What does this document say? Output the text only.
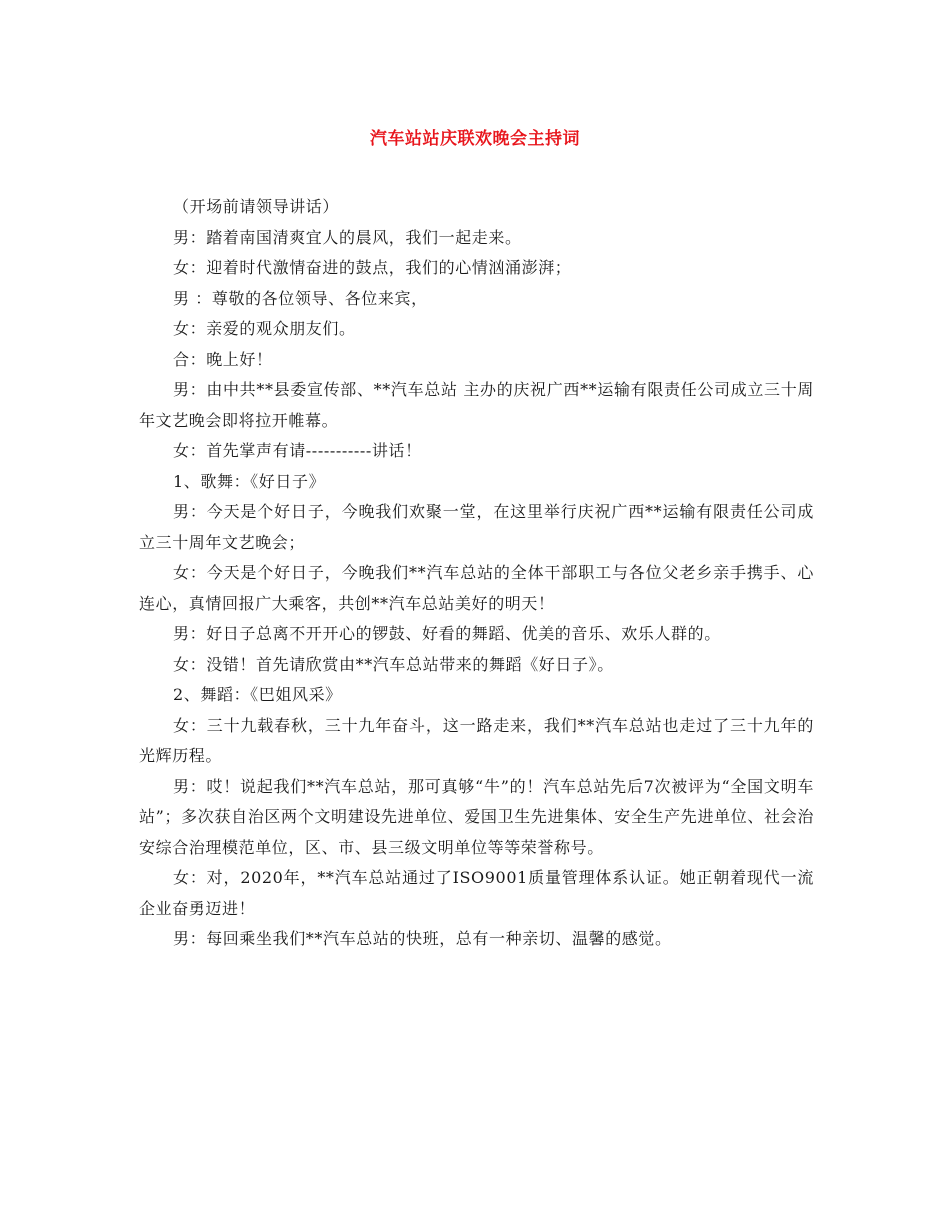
汽车站站庆联欢晚会主持词

（开场前请领导讲话）

男：踏着南国清爽宜人的晨风，我们一起走来。

女：迎着时代激情奋进的鼓点，我们的心情汹涌澎湃；

男 ：尊敬的各位领导、各位来宾，

女：亲爱的观众朋友们。

合：晚上好！

男：由中共**县委宣传部、**汽车总站 主办的庆祝广西**运输有限责任公司成立三十周年文艺晚会即将拉开帷幕。

女：首先掌声有请-----------讲话！

1、歌舞：《好日子》

男：今天是个好日子，今晚我们欢聚一堂，在这里举行庆祝广西**运输有限责任公司成立三十周年文艺晚会；

女：今天是个好日子，今晚我们**汽车总站的全体干部职工与各位父老乡亲手携手、心连心，真情回报广大乘客，共创**汽车总站美好的明天！

男：好日子总离不开开心的锣鼓、好看的舞蹈、优美的音乐、欢乐人群的。

女：没错！首先请欣赏由**汽车总站带来的舞蹈《好日子》。

2、舞蹈：《巴姐风采》

女：三十九载春秋，三十九年奋斗，这一路走来，我们**汽车总站也走过了三十九年的光辉历程。

男：哎！说起我们**汽车总站，那可真够“牛”的！汽车总站先后7次被评为“全国文明车站”；多次获自治区两个文明建设先进单位、爱国卫生先进集体、安全生产先进单位、社会治安综合治理模范单位，区、市、县三级文明单位等等荣誉称号。

女：对，2020年，**汽车总站通过了ISO9001质量管理体系认证。她正朝着现代一流企业奋勇迈进！

男：每回乘坐我们**汽车总站的快班，总有一种亲切、温馨的感觉。
